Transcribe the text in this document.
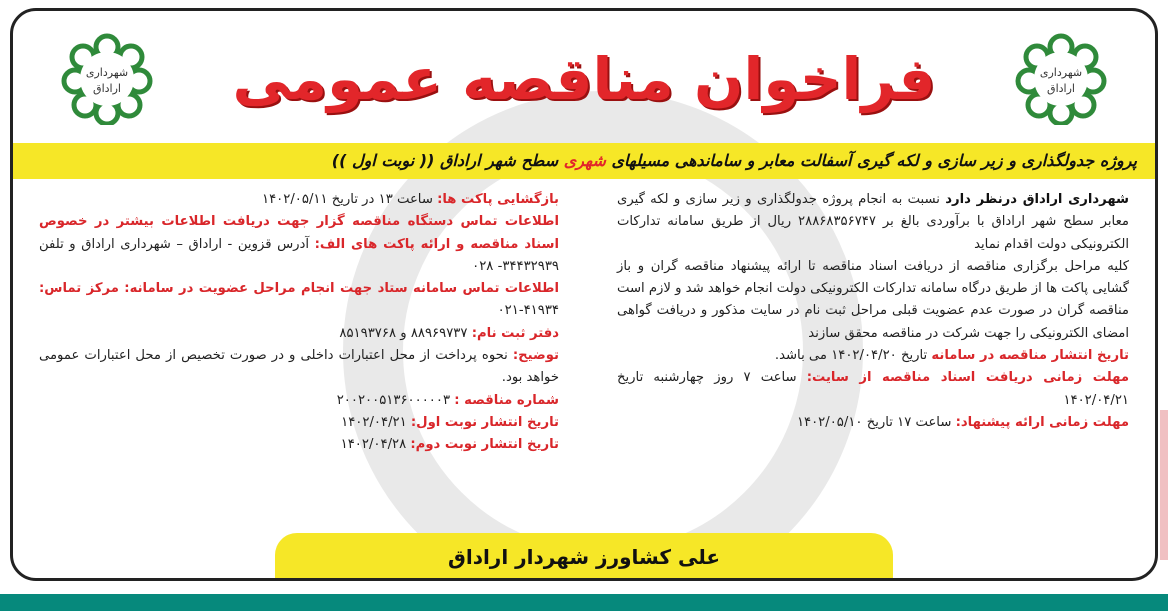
شهرداری
اراداق
شهرداری
اراداق	فراخوان مناقصه عمومی
پروژه جدولگذاری و زیر سازی و لکه گیری آسفالت معابر و ساماندهی مسیلهای شهری سطح شهر اراداق (( نوبت اول ))

شهرداری اراداق درنظر دارد نسبت به انجام پروژه جدولگذاری و زیر سازی و لکه گیری معابر سطح شهر اراداق با برآوردی بالغ بر ۲۸۸۶۸۳۵۶۷۴۷ ریال از طریق سامانه تدارکات الکترونیکی دولت اقدام نماید

کلیه مراحل برگزاری مناقصه از دریافت اسناد مناقصه تا ارائه پیشنهاد مناقصه گران و باز گشایی پاکت ها از طریق درگاه سامانه تدارکات الکترونیکی دولت انجام خواهد شد و لازم است مناقصه گران در صورت عدم عضویت قبلی مراحل ثبت نام در سایت مذکور و دریافت گواهی امضای الکترونیکی را جهت شرکت در مناقصه محقق سازند

تاریخ انتشار مناقصه در سامانه تاریخ ۱۴۰۲/۰۴/۲۰ می باشد.

مهلت زمانی دریافت اسناد مناقصه از سایت: ساعت ۷ روز چهارشنبه تاریخ ۱۴۰۲/۰۴/۲۱

مهلت زمانی ارائه پیشنهاد: ساعت ۱۷ تاریخ ۱۴۰۲/۰۵/۱۰

بازگشایی پاکت ها: ساعت ۱۳ در تاریخ ۱۴۰۲/۰۵/۱۱

اطلاعات تماس دستگاه مناقصه گزار جهت دریافت اطلاعات بیشتر در خصوص اسناد مناقصه و ارائه پاکت های الف: آدرس قزوین - اراداق – شهرداری اراداق و تلفن ۳۴۴۳۲۹۳۹- ۰۲۸

اطلاعات تماس سامانه ستاد جهت انجام مراحل عضویت در سامانه: مرکز تماس: ۴۱۹۳۴-۰۲۱

دفتر ثبت نام: ۸۸۹۶۹۷۳۷ و ۸۵۱۹۳۷۶۸

توضیح: نحوه پرداخت از محل اعتبارات داخلی و در صورت تخصیص از محل اعتبارات عمومی خواهد بود.

شماره مناقصه : ۲۰۰۲۰۰۵۱۳۶۰۰۰۰۰۳

تاریخ انتشار نوبت اول: ۱۴۰۲/۰۴/۲۱

تاریخ انتشار نوبت دوم: ۱۴۰۲/۰۴/۲۸

علی کشاورز شهردار اراداق
